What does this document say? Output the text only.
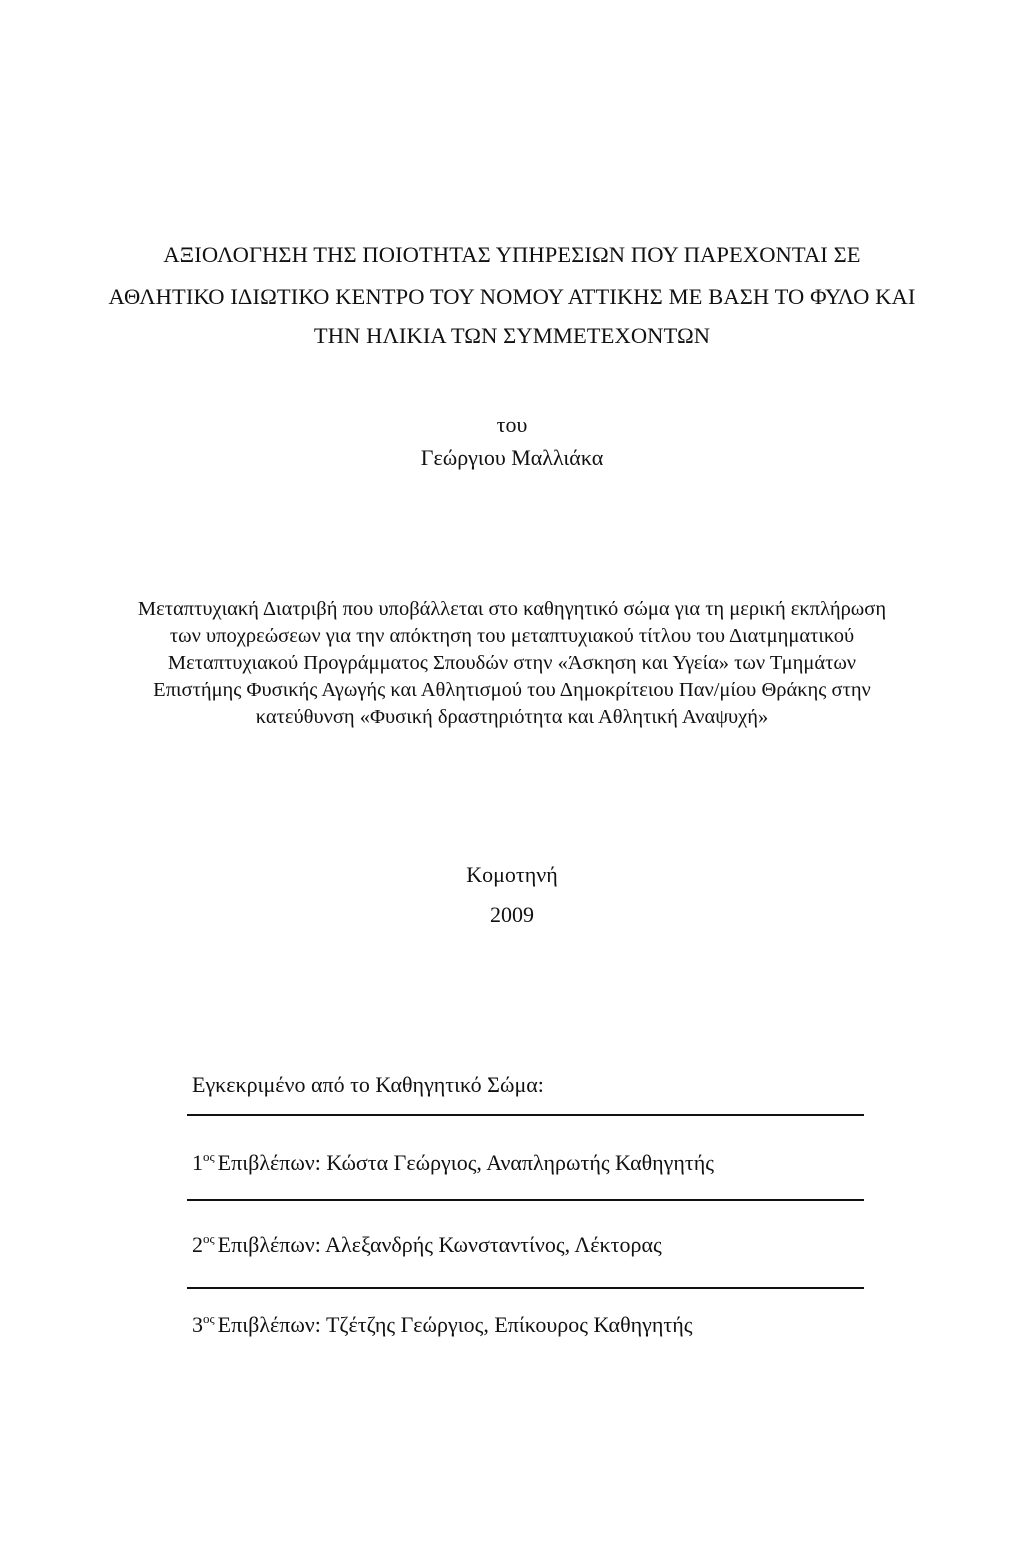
ΑΞΙΟΛΟΓΗΣΗ ΤΗΣ ΠΟΙΟΤΗΤΑΣ ΥΠΗΡΕΣΙΩΝ ΠΟΥ ΠΑΡΕΧΟΝΤΑΙ ΣΕ
ΑΘΛΗΤΙΚΟ ΙΔΙΩΤΙΚΟ ΚΕΝΤΡΟ ΤΟΥ ΝΟΜΟΥ ΑΤΤΙΚΗΣ ΜΕ ΒΑΣΗ ΤΟ ΦΥΛΟ ΚΑΙ
ΤΗΝ ΗΛΙΚΙΑ ΤΩΝ ΣΥΜΜΕΤΕΧΟΝΤΩΝ
του
Γεώργιου Μαλλιάκα
Μεταπτυχιακή Διατριβή που υποβάλλεται στο καθηγητικό σώμα για τη μερική εκπλήρωση
των υποχρεώσεων για την απόκτηση του μεταπτυχιακού τίτλου του Διατμηματικού
Μεταπτυχιακού Προγράμματος Σπουδών στην «Άσκηση και Υγεία» των Τμημάτων
Επιστήμης Φυσικής Αγωγής και Αθλητισμού του Δημοκρίτειου Παν/μίου Θράκης στην
κατεύθυνση «Φυσική δραστηριότητα και Αθλητική Αναψυχή»
Κομοτηνή
2009
Εγκεκριμένο από το Καθηγητικό Σώμα:
$1^{o\varsigma}$ Επιβλέπων: Κώστα Γεώργιος, Αναπληρωτής Καθηγητής
$2^{o\varsigma}$ Επιβλέπων: Αλεξανδρής Κωνσταντίνος, Λέκτορας
$3^{o\varsigma}$ Επιβλέπων: Τζέτζης Γεώργιος, Επίκουρος Καθηγητής
